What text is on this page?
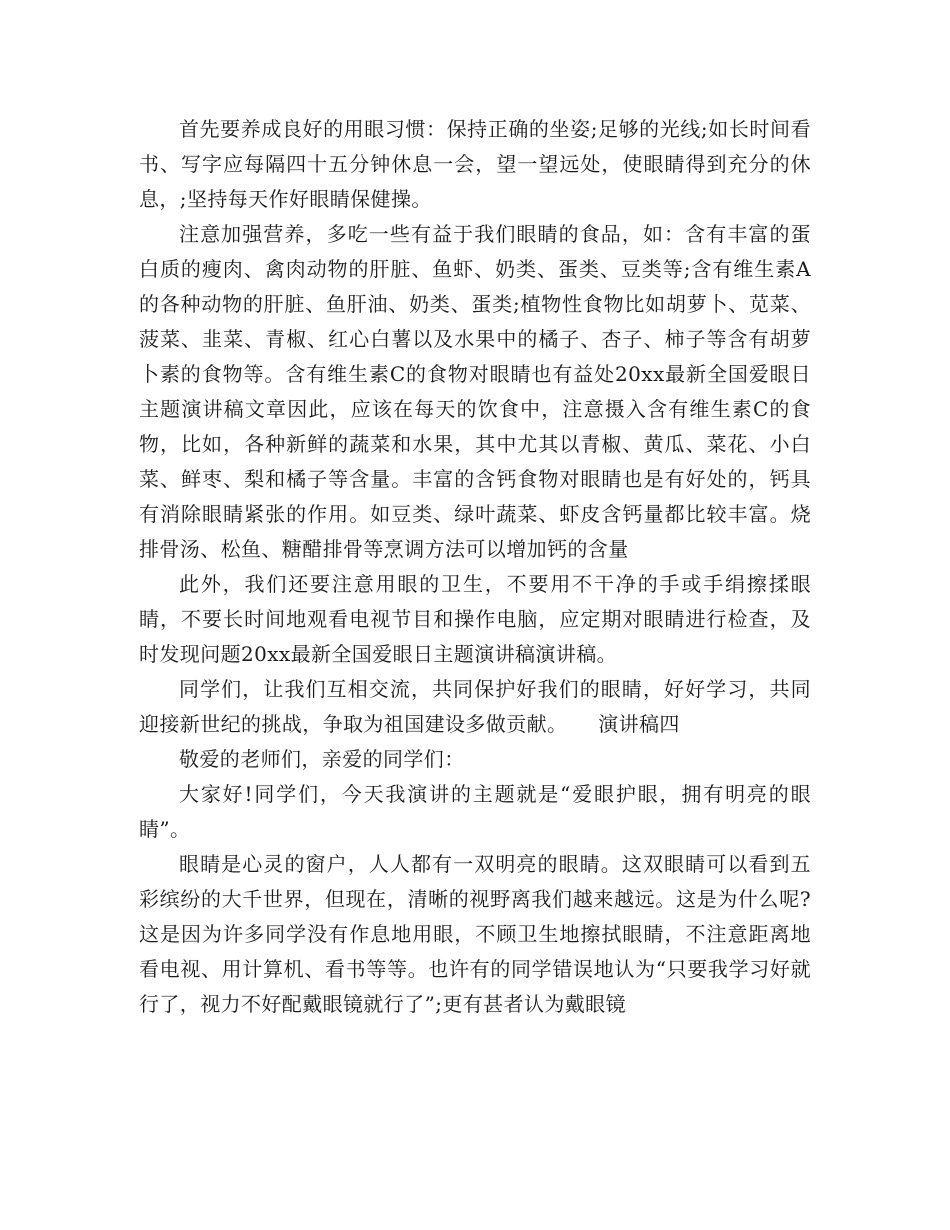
首先要养成良好的用眼习惯：保持正确的坐姿;足够的光线;如长时间看书、写字应每隔四十五分钟休息一会，望一望远处，使眼睛得到充分的休息，;坚持每天作好眼睛保健操。

注意加强营养，多吃一些有益于我们眼睛的食品，如：含有丰富的蛋白质的瘦肉、禽肉动物的肝脏、鱼虾、奶类、蛋类、豆类等;含有维生素A的各种动物的肝脏、鱼肝油、奶类、蛋类;植物性食物比如胡萝卜、苋菜、菠菜、韭菜、青椒、红心白薯以及水果中的橘子、杏子、柿子等含有胡萝卜素的食物等。含有维生素C的食物对眼睛也有益处20xx最新全国爱眼日主题演讲稿文章因此，应该在每天的饮食中，注意摄入含有维生素C的食物，比如，各种新鲜的蔬菜和水果，其中尤其以青椒、黄瓜、菜花、小白菜、鲜枣、梨和橘子等含量。丰富的含钙食物对眼睛也是有好处的，钙具有消除眼睛紧张的作用。如豆类、绿叶蔬菜、虾皮含钙量都比较丰富。烧排骨汤、松鱼、糖醋排骨等烹调方法可以增加钙的含量

此外，我们还要注意用眼的卫生，不要用不干净的手或手绢擦揉眼睛，不要长时间地观看电视节目和操作电脑，应定期对眼睛进行检查，及时发现问题20xx最新全国爱眼日主题演讲稿演讲稿。

同学们，让我们互相交流，共同保护好我们的眼睛，好好学习，共同迎接新世纪的挑战，争取为祖国建设多做贡献。　　演讲稿四

敬爱的老师们，亲爱的同学们：

大家好!同学们，今天我演讲的主题就是“爱眼护眼，拥有明亮的眼睛”。

眼睛是心灵的窗户，人人都有一双明亮的眼睛。这双眼睛可以看到五彩缤纷的大千世界，但现在，清晰的视野离我们越来越远。这是为什么呢?这是因为许多同学没有作息地用眼，不顾卫生地擦拭眼睛，不注意距离地看电视、用计算机、看书等等。也许有的同学错误地认为“只要我学习好就行了，视力不好配戴眼镜就行了”;更有甚者认为戴眼镜
